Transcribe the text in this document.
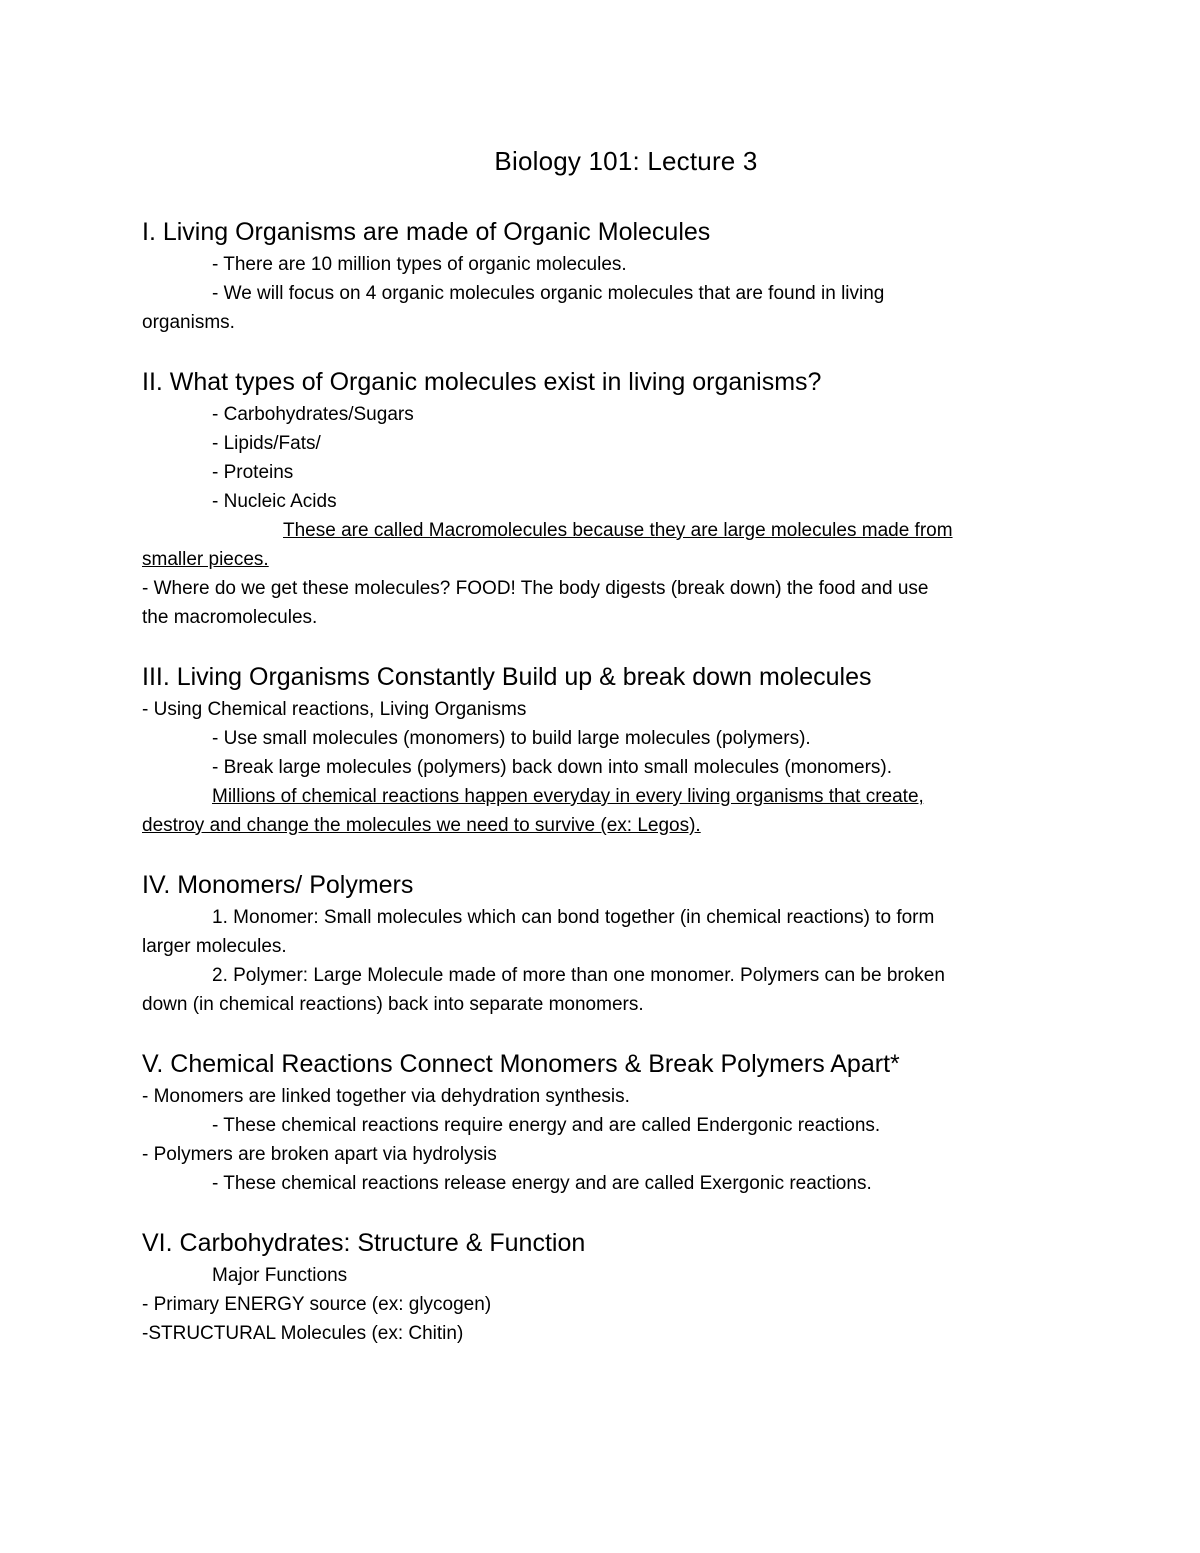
Biology 101: Lecture 3
I. Living Organisms are made of Organic Molecules
- There are 10 million types of organic molecules.
- We will focus on 4 organic molecules organic molecules that are found in living
organisms.
II. What types of Organic molecules exist in living organisms?
- Carbohydrates/Sugars
- Lipids/Fats/
- Proteins
- Nucleic Acids
These are called Macromolecules because they are large molecules made from
smaller pieces.
- Where do we get these molecules? FOOD! The body digests (break down) the food and use
the macromolecules.
III. Living Organisms Constantly Build up & break down molecules
- Using Chemical reactions, Living Organisms
- Use small molecules (monomers) to build large molecules (polymers).
- Break large molecules (polymers) back down into small molecules (monomers).
Millions of chemical reactions happen everyday in every living organisms that create,
destroy and change the molecules we need to survive (ex: Legos).
IV. Monomers/ Polymers
1. Monomer: Small molecules which can bond together (in chemical reactions) to form
larger molecules.
2. Polymer: Large Molecule made of more than one monomer. Polymers can be broken
down (in chemical reactions) back into separate monomers.
V. Chemical Reactions Connect Monomers & Break Polymers Apart*
- Monomers are linked together via dehydration synthesis.
- These chemical reactions require energy and are called Endergonic reactions.
- Polymers are broken apart via hydrolysis
- These chemical reactions release energy and are called Exergonic reactions.
VI. Carbohydrates: Structure & Function
Major Functions
- Primary ENERGY source (ex: glycogen)
-STRUCTURAL Molecules (ex: Chitin)
